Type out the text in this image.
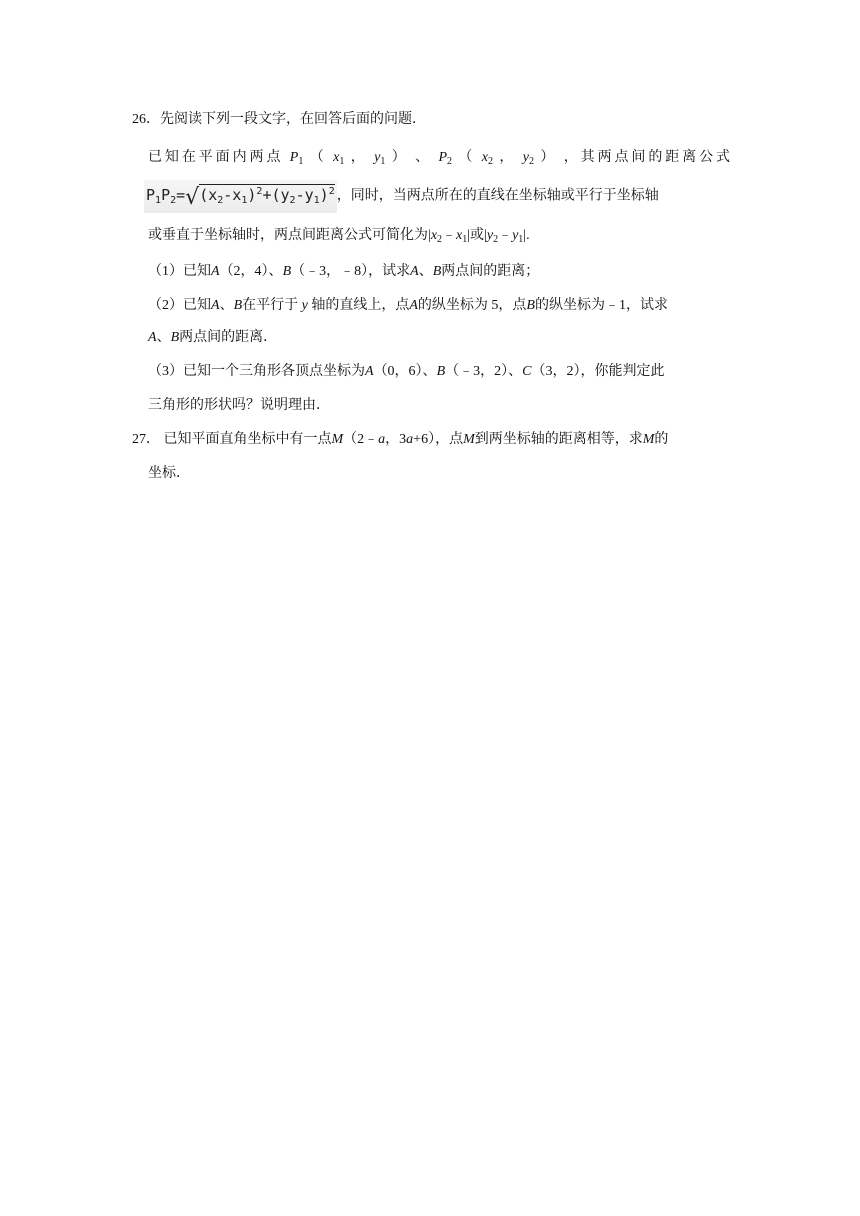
26．先阅读下列一段文字，在回答后面的问题．
已知在平面内两点 $P_1$ （ $x_1$ ， $y_1$ ） 、 $P_2$ （ $x_2$ ， $y_2$ ） ，其两点间的距离公式
$P_1P_2=√(x_2-x_1)^2+(y_2-y_1)^2$ ，同时，当两点所在的直线在坐标轴或平行于坐标轴
或垂直于坐标轴时，两点间距离公式可简化为$|x_2﹣x_1|$或$|y_2﹣y_1|$.
（1）已知A（2，4）、B（﹣3，﹣8），试求A、B两点间的距离；
（2）已知A、B在平行于 y 轴的直线上，点A的纵坐标为 5，点B的纵坐标为﹣1，试求
A、B两点间的距离．
（3）已知一个三角形各顶点坐标为A（0，6）、B（﹣3，2）、C（3，2），你能判定此
三角形的形状吗？说明理由．
27． 已知平面直角坐标中有一点M（2﹣a，3a+6），点M到两坐标轴的距离相等，求M的
坐标．
